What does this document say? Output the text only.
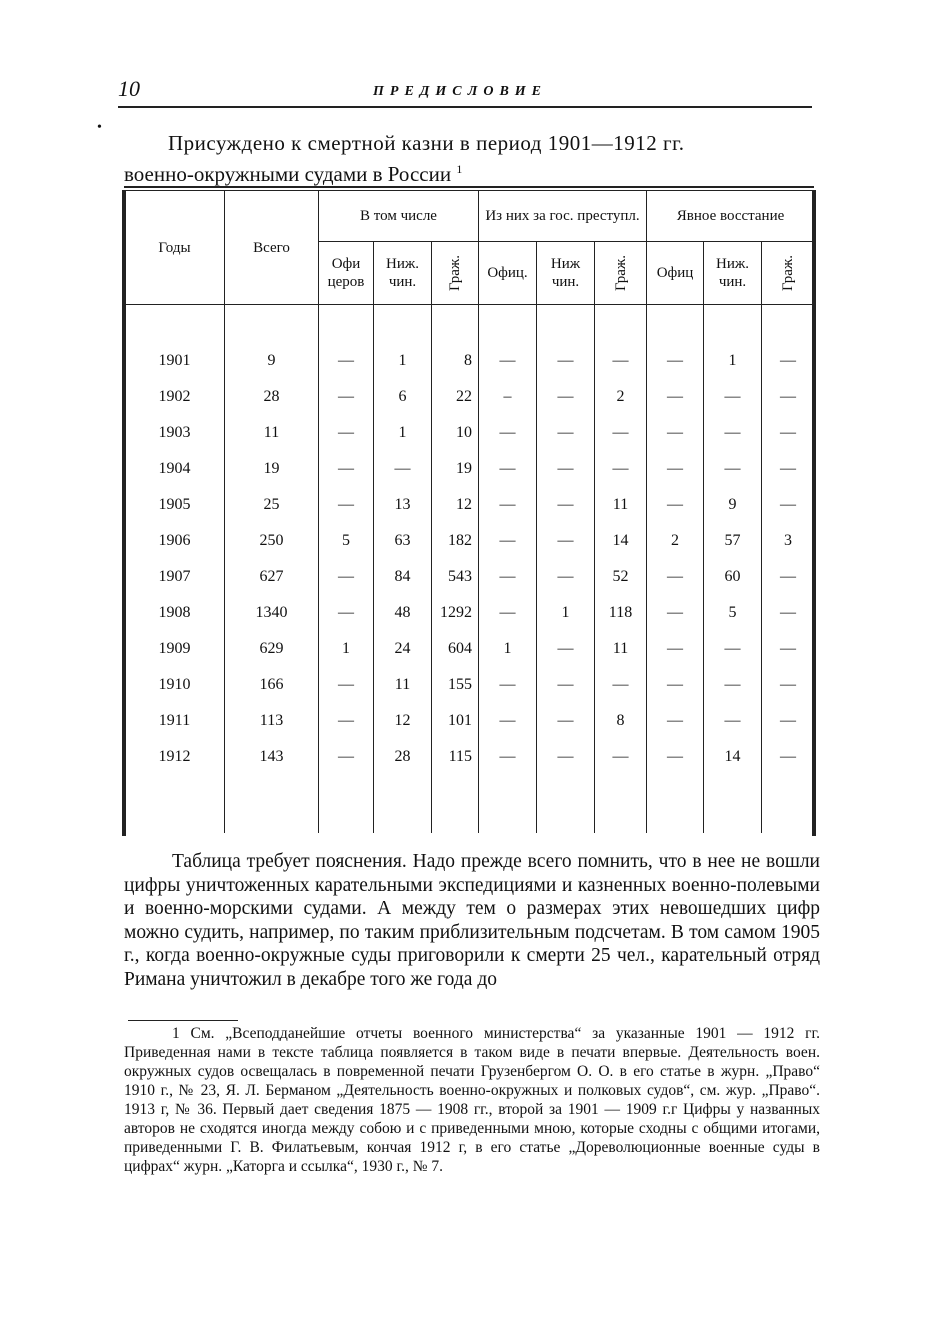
10	ПРЕДИСЛОВИЕ
•
Присуждено к смертной казни в период 1901—1912 гг.
военно-окружными судами в России $^1$
Годы	Всего	В том числе			Из них за гос. преступл.			Явное восстание		
		Офи церов	Ниж. чин.	Граж.	Офиц.	Ниж чин.	Граж.	Офиц	Ниж. чин.	Граж.

1901	9	—	1	8	—	—	—	—	1	—
1902	28	—	6	22	–	—	2	—	—	—
1903	11	—	1	10	—	—	—	—	—	—
1904	19	—	—	19	—	—	—	—	—	—
1905	25	—	13	12	—	—	11	—	9	—
1906	250	5	63	182	—	—	14	2	57	3
1907	627	—	84	543	—	—	52	—	60	—
1908	1340	—	48	1292	—	1	118	—	5	—
1909	629	1	24	604	1	—	11	—	—	—
1910	166	—	11	155	—	—	—	—	—	—
1911	113	—	12	101	—	—	8	—	—	—
1912	143	—	28	115	—	—	—	—	14	—

Таблица требует пояснения. Надо прежде всего помнить, что в нее не вошли цифры уничтоженных карательными экспедициями и казненных военно-полевыми и военно-морскими судами. А между тем о размерах этих невошедших цифр можно судить, например, по таким приблизительным подсчетам. В том самом 1905 г., когда военно-окружные суды приговорили к смерти 25 чел., карательный отряд Римана уничтожил в декабре того же года до

1 См. „Всеподданейшие отчеты военного министерства“ за указанные 1901 — 1912 гг. Приведенная нами в тексте таблица появляется в таком виде в печати впервые. Деятельность воен. окружных судов освещалась в повременной печати Грузенбергом О. О. в его статье в журн. „Право“ 1910 г., № 23, Я. Л. Берманом „Деятельность военно-окружных и полковых судов“, см. жур. „Право“. 1913 г, № 36. Первый дает сведения 1875 — 1908 гг., второй за 1901 — 1909 г.г Цифры у названных авторов не сходятся иногда между собою и с приведенными мною, которые сходны с общими итогами, приведенными Г. В. Филатьевым, кончая 1912 г, в его статье „Дореволюционные военные суды в цифрах“ журн. „Каторга и ссылка“, 1930 г., № 7.
